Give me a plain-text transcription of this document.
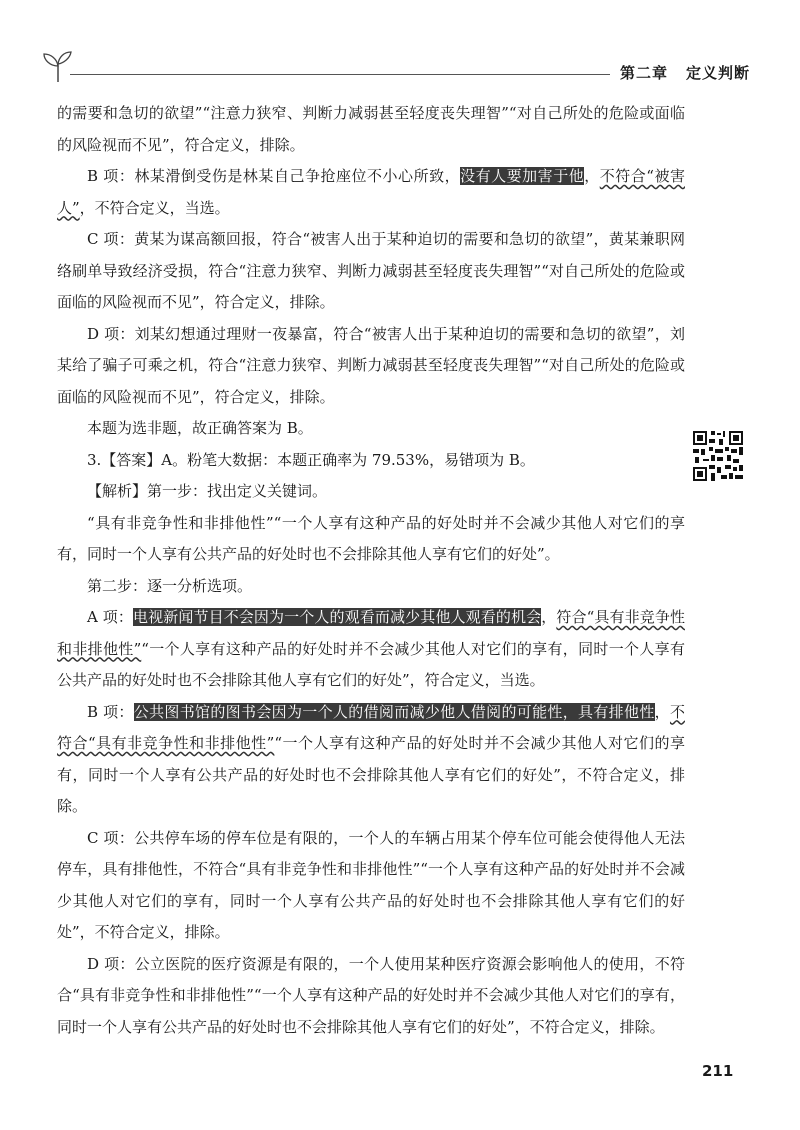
第二章 定义判断

的需要和急切的欲望”“注意力狭窄、判断力减弱甚至轻度丧失理智”“对自己所处的危险或面临的风险视而不见”，符合定义，排除。

B 项：林某滑倒受伤是林某自己争抢座位不小心所致，没有人要加害于他，不符合“被害人”，不符合定义，当选。

C 项：黄某为谋高额回报，符合“被害人出于某种迫切的需要和急切的欲望”，黄某兼职网络刷单导致经济受损，符合“注意力狭窄、判断力减弱甚至轻度丧失理智”“对自己所处的危险或面临的风险视而不见”，符合定义，排除。

D 项：刘某幻想通过理财一夜暴富，符合“被害人出于某种迫切的需要和急切的欲望”，刘某给了骗子可乘之机，符合“注意力狭窄、判断力减弱甚至轻度丧失理智”“对自己所处的危险或面临的风险视而不见”，符合定义，排除。

本题为选非题，故正确答案为 B。

3.【答案】A。粉笔大数据：本题正确率为 79.53%，易错项为 B。

【解析】第一步：找出定义关键词。

“具有非竞争性和非排他性”“一个人享有这种产品的好处时并不会减少其他人对它们的享有，同时一个人享有公共产品的好处时也不会排除其他人享有它们的好处”。

第二步：逐一分析选项。

A 项：电视新闻节目不会因为一个人的观看而减少其他人观看的机会，符合“具有非竞争性和非排他性”“一个人享有这种产品的好处时并不会减少其他人对它们的享有，同时一个人享有公共产品的好处时也不会排除其他人享有它们的好处”，符合定义，当选。

B 项：公共图书馆的图书会因为一个人的借阅而减少他人借阅的可能性，具有排他性，不符合“具有非竞争性和非排他性”“一个人享有这种产品的好处时并不会减少其他人对它们的享有，同时一个人享有公共产品的好处时也不会排除其他人享有它们的好处”，不符合定义，排除。

C 项：公共停车场的停车位是有限的，一个人的车辆占用某个停车位可能会使得他人无法停车，具有排他性，不符合“具有非竞争性和非排他性”“一个人享有这种产品的好处时并不会减少其他人对它们的享有，同时一个人享有公共产品的好处时也不会排除其他人享有它们的好处”，不符合定义，排除。

D 项：公立医院的医疗资源是有限的，一个人使用某种医疗资源会影响他人的使用，不符合“具有非竞争性和非排他性”“一个人享有这种产品的好处时并不会减少其他人对它们的享有，同时一个人享有公共产品的好处时也不会排除其他人享有它们的好处”，不符合定义，排除。

211
